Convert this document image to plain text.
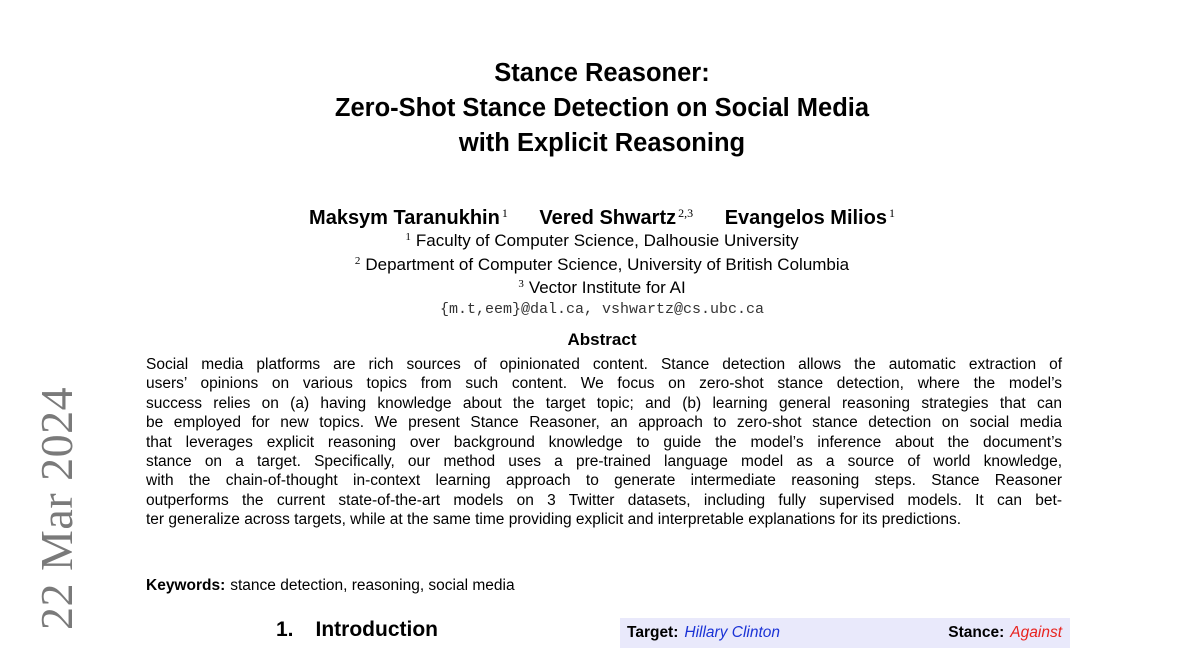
22 Mar 2024
Stance Reasoner:
Zero-Shot Stance Detection on Social Media
with Explicit Reasoning
Maksym Taranukhin $^1$ Vered Shwartz $^{2,3}$ Evangelos Milios $^1$
$^1$ Faculty of Computer Science, Dalhousie University
$^2$ Department of Computer Science, University of British Columbia
$^3$ Vector Institute for AI
{m.t,eem}@dal.ca, vshwartz@cs.ubc.ca
Abstract
Social media platforms are rich sources of opinionated content. Stance detection allows the automatic extraction of
users’ opinions on various topics from such content. We focus on zero-shot stance detection, where the model’s
success relies on (a) having knowledge about the target topic; and (b) learning general reasoning strategies that can
be employed for new topics. We present Stance Reasoner, an approach to zero-shot stance detection on social media
that leverages explicit reasoning over background knowledge to guide the model’s inference about the document’s
stance on a target. Specifically, our method uses a pre-trained language model as a source of world knowledge,
with the chain-of-thought in-context learning approach to generate intermediate reasoning steps. Stance Reasoner
outperforms the current state-of-the-art models on 3 Twitter datasets, including fully supervised models. It can bet-
ter generalize across targets, while at the same time providing explicit and interpretable explanations for its predictions.
Keywords: stance detection, reasoning, social media
1. Introduction	Target: Hillary Clinton	Stance: Against
